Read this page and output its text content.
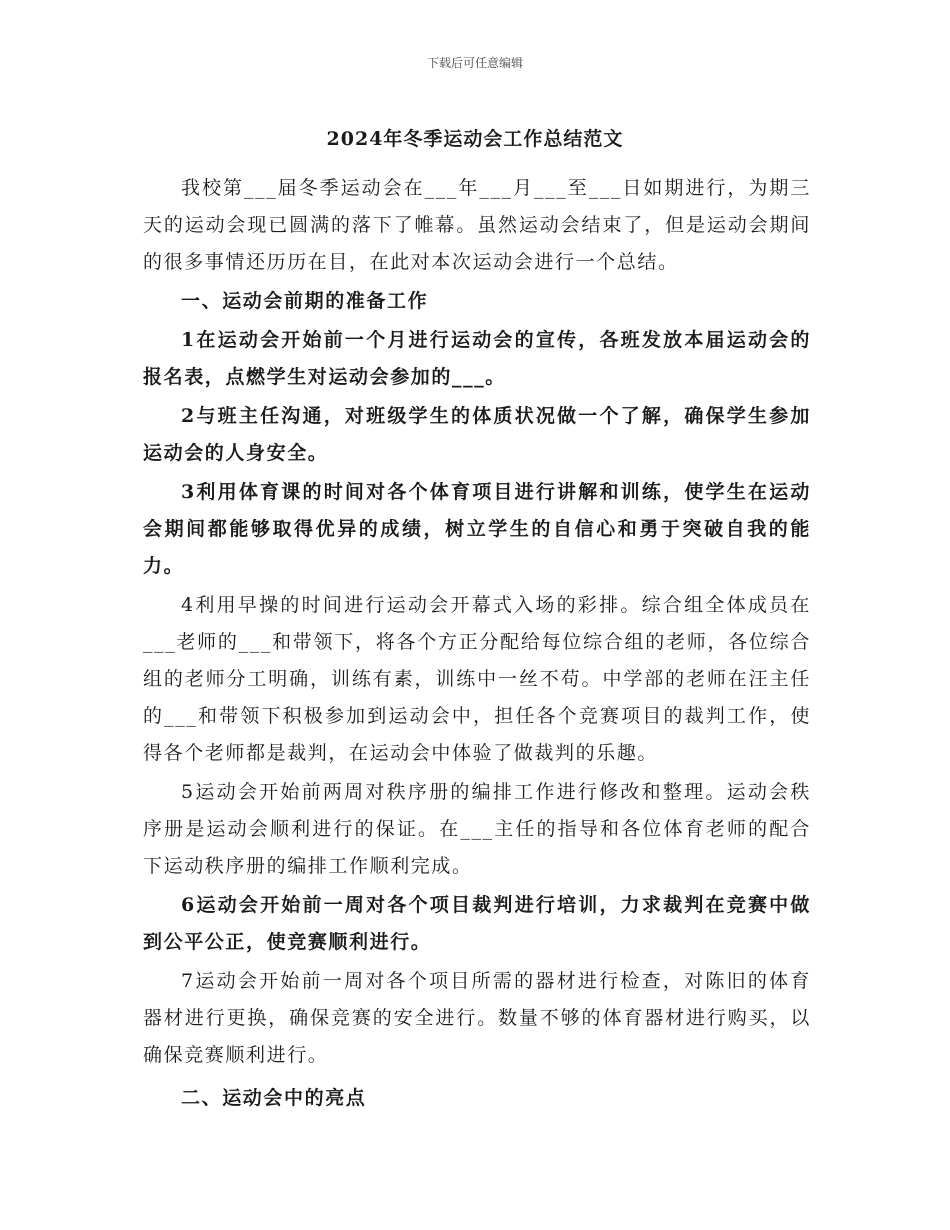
下载后可任意编辑
2024年冬季运动会工作总结范文

我校第___届冬季运动会在___年___月___至___日如期进行，为期三天的运动会现已圆满的落下了帷幕。虽然运动会结束了，但是运动会期间的很多事情还历历在目，在此对本次运动会进行一个总结。

一、运动会前期的准备工作

1在运动会开始前一个月进行运动会的宣传，各班发放本届运动会的报名表，点燃学生对运动会参加的___。

2与班主任沟通，对班级学生的体质状况做一个了解，确保学生参加运动会的人身安全。

3利用体育课的时间对各个体育项目进行讲解和训练，使学生在运动会期间都能够取得优异的成绩，树立学生的自信心和勇于突破自我的能力。

4利用早操的时间进行运动会开幕式入场的彩排。综合组全体成员在___老师的___和带领下，将各个方正分配给每位综合组的老师，各位综合组的老师分工明确，训练有素，训练中一丝不苟。中学部的老师在汪主任的___和带领下积极参加到运动会中，担任各个竞赛项目的裁判工作，使得各个老师都是裁判，在运动会中体验了做裁判的乐趣。

5运动会开始前两周对秩序册的编排工作进行修改和整理。运动会秩序册是运动会顺利进行的保证。在___主任的指导和各位体育老师的配合下运动秩序册的编排工作顺利完成。

6运动会开始前一周对各个项目裁判进行培训，力求裁判在竞赛中做到公平公正，使竞赛顺利进行。

7运动会开始前一周对各个项目所需的器材进行检查，对陈旧的体育器材进行更换，确保竞赛的安全进行。数量不够的体育器材进行购买，以确保竞赛顺利进行。

二、运动会中的亮点
